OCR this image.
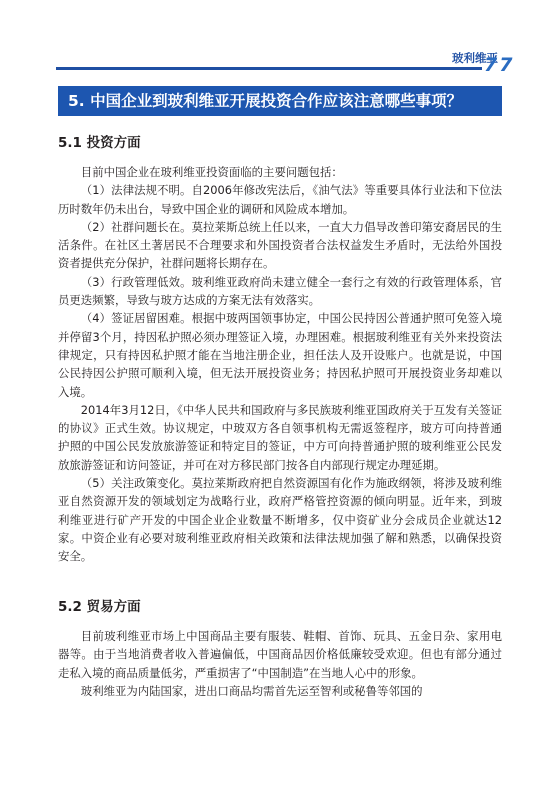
玻利维亚
77
5. 中国企业到玻利维亚开展投资合作应该注意哪些事项？
5.1 投资方面

目前中国企业在玻利维亚投资面临的主要问题包括：

（1）法律法规不明。自2006年修改宪法后，《油气法》等重要具体行业法和下位法历时数年仍未出台，导致中国企业的调研和风险成本增加。

（2）社群问题长在。莫拉莱斯总统上任以来，一直大力倡导改善印第安裔居民的生活条件。在社区土著居民不合理要求和外国投资者合法权益发生矛盾时，无法给外国投资者提供充分保护，社群问题将长期存在。

（3）行政管理低效。玻利维亚政府尚未建立健全一套行之有效的行政管理体系，官员更迭频繁，导致与玻方达成的方案无法有效落实。

（4）签证居留困难。根据中玻两国领事协定，中国公民持因公普通护照可免签入境并停留3个月，持因私护照必须办理签证入境，办理困难。根据玻利维亚有关外来投资法律规定，只有持因私护照才能在当地注册企业，担任法人及开设账户。也就是说，中国公民持因公护照可顺利入境，但无法开展投资业务；持因私护照可开展投资业务却难以入境。

2014年3月12日，《中华人民共和国政府与多民族玻利维亚国政府关于互发有关签证的协议》正式生效。协议规定，中玻双方各自领事机构无需返签程序，玻方可向持普通护照的中国公民发放旅游签证和特定目的签证，中方可向持普通护照的玻利维亚公民发放旅游签证和访问签证，并可在对方移民部门按各自内部现行规定办理延期。

（5）关注政策变化。莫拉莱斯政府把自然资源国有化作为施政纲领，将涉及玻利维亚自然资源开发的领域划定为战略行业，政府严格管控资源的倾向明显。近年来，到玻利维亚进行矿产开发的中国企业企业数量不断增多，仅中资矿业分会成员企业就达12家。中资企业有必要对玻利维亚政府相关政策和法律法规加强了解和熟悉，以确保投资安全。

5.2 贸易方面

目前玻利维亚市场上中国商品主要有服装、鞋帽、首饰、玩具、五金日杂、家用电器等。由于当地消费者收入普遍偏低，中国商品因价格低廉较受欢迎。但也有部分通过走私入境的商品质量低劣，严重损害了“中国制造”在当地人心中的形象。

玻利维亚为内陆国家，进出口商品均需首先运至智利或秘鲁等邻国的
